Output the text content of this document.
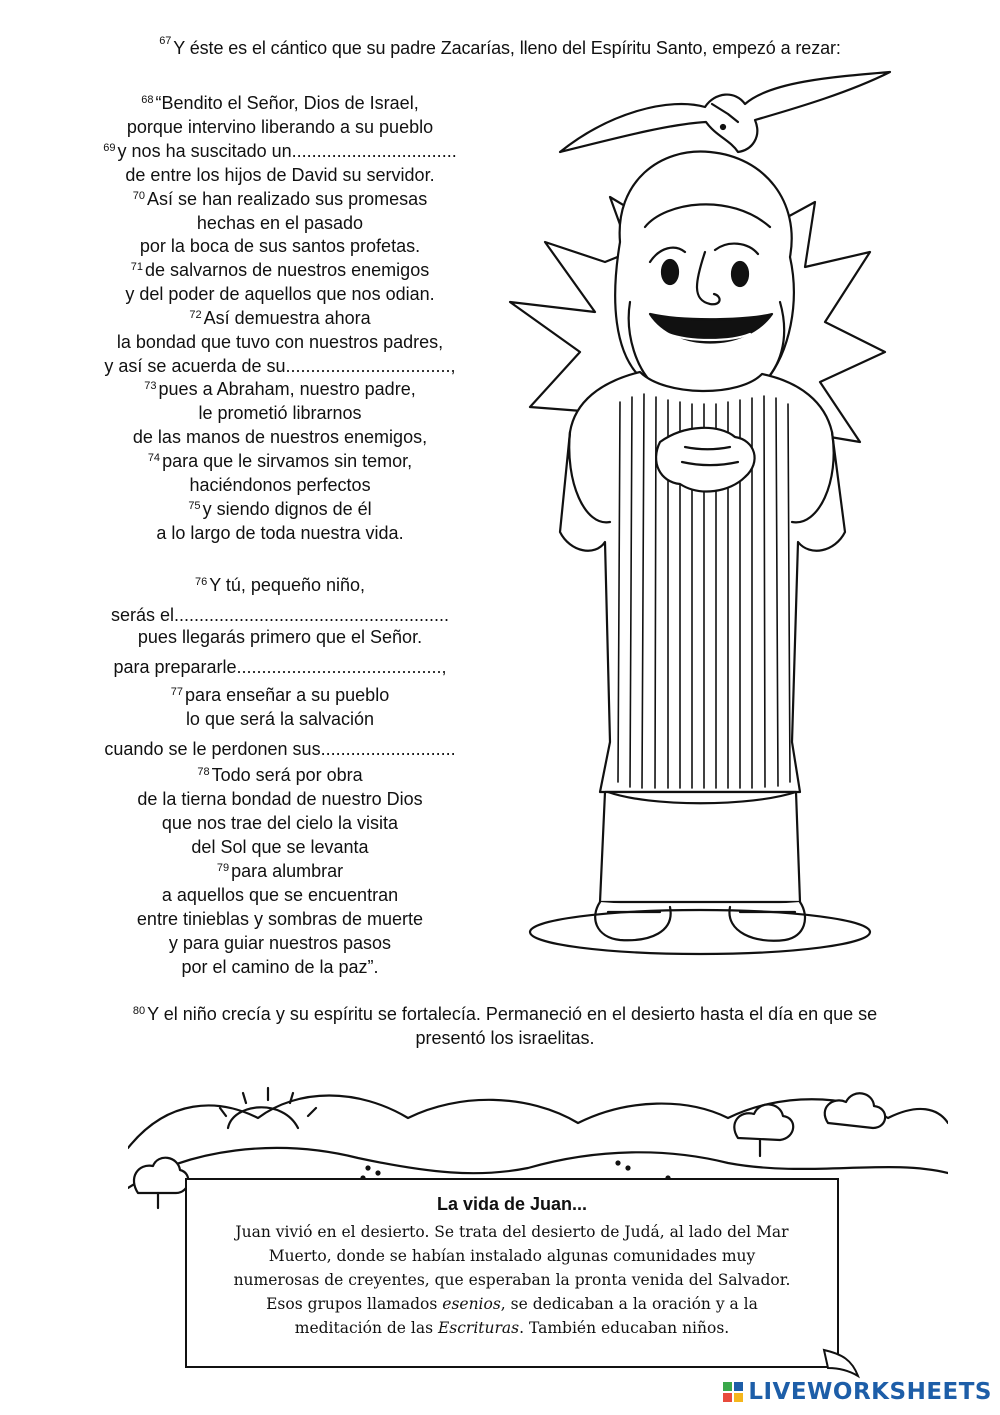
$^{67}$ Y éste es el cántico que su padre Zacarías, lleno del Espíritu Santo, empezó a rezar:
$^{68}$ “Bendito el Señor, Dios de Israel,
porque intervino liberando a su pueblo
$^{69}$ y nos ha suscitado un.................................
de entre los hijos de David su servidor.
$^{70}$ Así se han realizado sus promesas
hechas en el pasado
por la boca de sus santos profetas.
$^{71}$ de salvarnos de nuestros enemigos
y del poder de aquellos que nos odian.
$^{72}$ Así demuestra ahora
la bondad que tuvo con nuestros padres,
y así se acuerda de su.................................,
$^{73}$ pues a Abraham, nuestro padre,
le prometió librarnos
de las manos de nuestros enemigos,
$^{74}$ para que le sirvamos sin temor,
haciéndonos perfectos
$^{75}$ y siendo dignos de él
a lo largo de toda nuestra vida.
$^{76}$ Y tú, pequeño niño,
serás el.......................................................
pues llegarás primero que el Señor.
para prepararle.........................................,
$^{77}$ para enseñar a su pueblo
lo que será la salvación
cuando se le perdonen sus...........................
$^{78}$ Todo será por obra
de la tierna bondad de nuestro Dios
que nos trae del cielo la visita
del Sol que se levanta
$^{79}$ para alumbrar
a aquellos que se encuentran
entre tinieblas y sombras de muerte
y para guiar nuestros pasos
por el camino de la paz”.
$^{80}$ Y el niño crecía y su espíritu se fortalecía. Permaneció en el desierto hasta el día en que se
presentó los israelitas.
La vida de Juan...
Juan vivió en el desierto. Se trata del desierto de Judá, al lado del Mar
Muerto, donde se habían instalado algunas comunidades muy
numerosas de creyentes, que esperaban la pronta venida del Salvador.
Esos grupos llamados esenios, se dedicaban a la oración y a la
meditación de las Escrituras. También educaban niños.
LIVEWORKSHEETS
